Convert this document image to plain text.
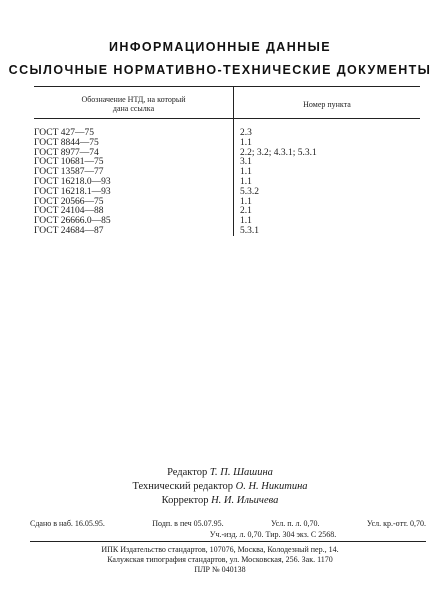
ИНФОРМАЦИОННЫЕ ДАННЫЕ
ССЫЛОЧНЫЕ НОРМАТИВНО-ТЕХНИЧЕСКИЕ ДОКУМЕНТЫ
Обозначение НТД, на который
дана ссылка	Номер пункта
ГОСТ 427—75	2.3
ГОСТ 8844—75	1.1
ГОСТ 8977—74	2.2; 3.2; 4.3.1; 5.3.1
ГОСТ 10681—75	3.1
ГОСТ 13587—77	1.1
ГОСТ 16218.0—93	1.1
ГОСТ 16218.1—93	5.3.2
ГОСТ 20566—75	1.1
ГОСТ 24104—88	2.1
ГОСТ 26666.0—85	1.1
ГОСТ 24684—87	5.3.1
Редактор Т. П. Шашина
Технический редактор О. Н. Никитина
Корректор Н. И. Ильичева
Сдано в наб. 16.05.95.	Подп. в печ 05.07.95.	Усл. п. л. 0,70.	Усл. кр.-отт. 0,70.
Уч.-изд. л. 0,70. Тир. 304 экз. С 2568.
ИПК Издательство стандартов, 107076, Москва, Колодезный пер., 14.
Калужская типография стандартов, ул. Московская, 256. Зак. 1170
ПЛР № 040138
